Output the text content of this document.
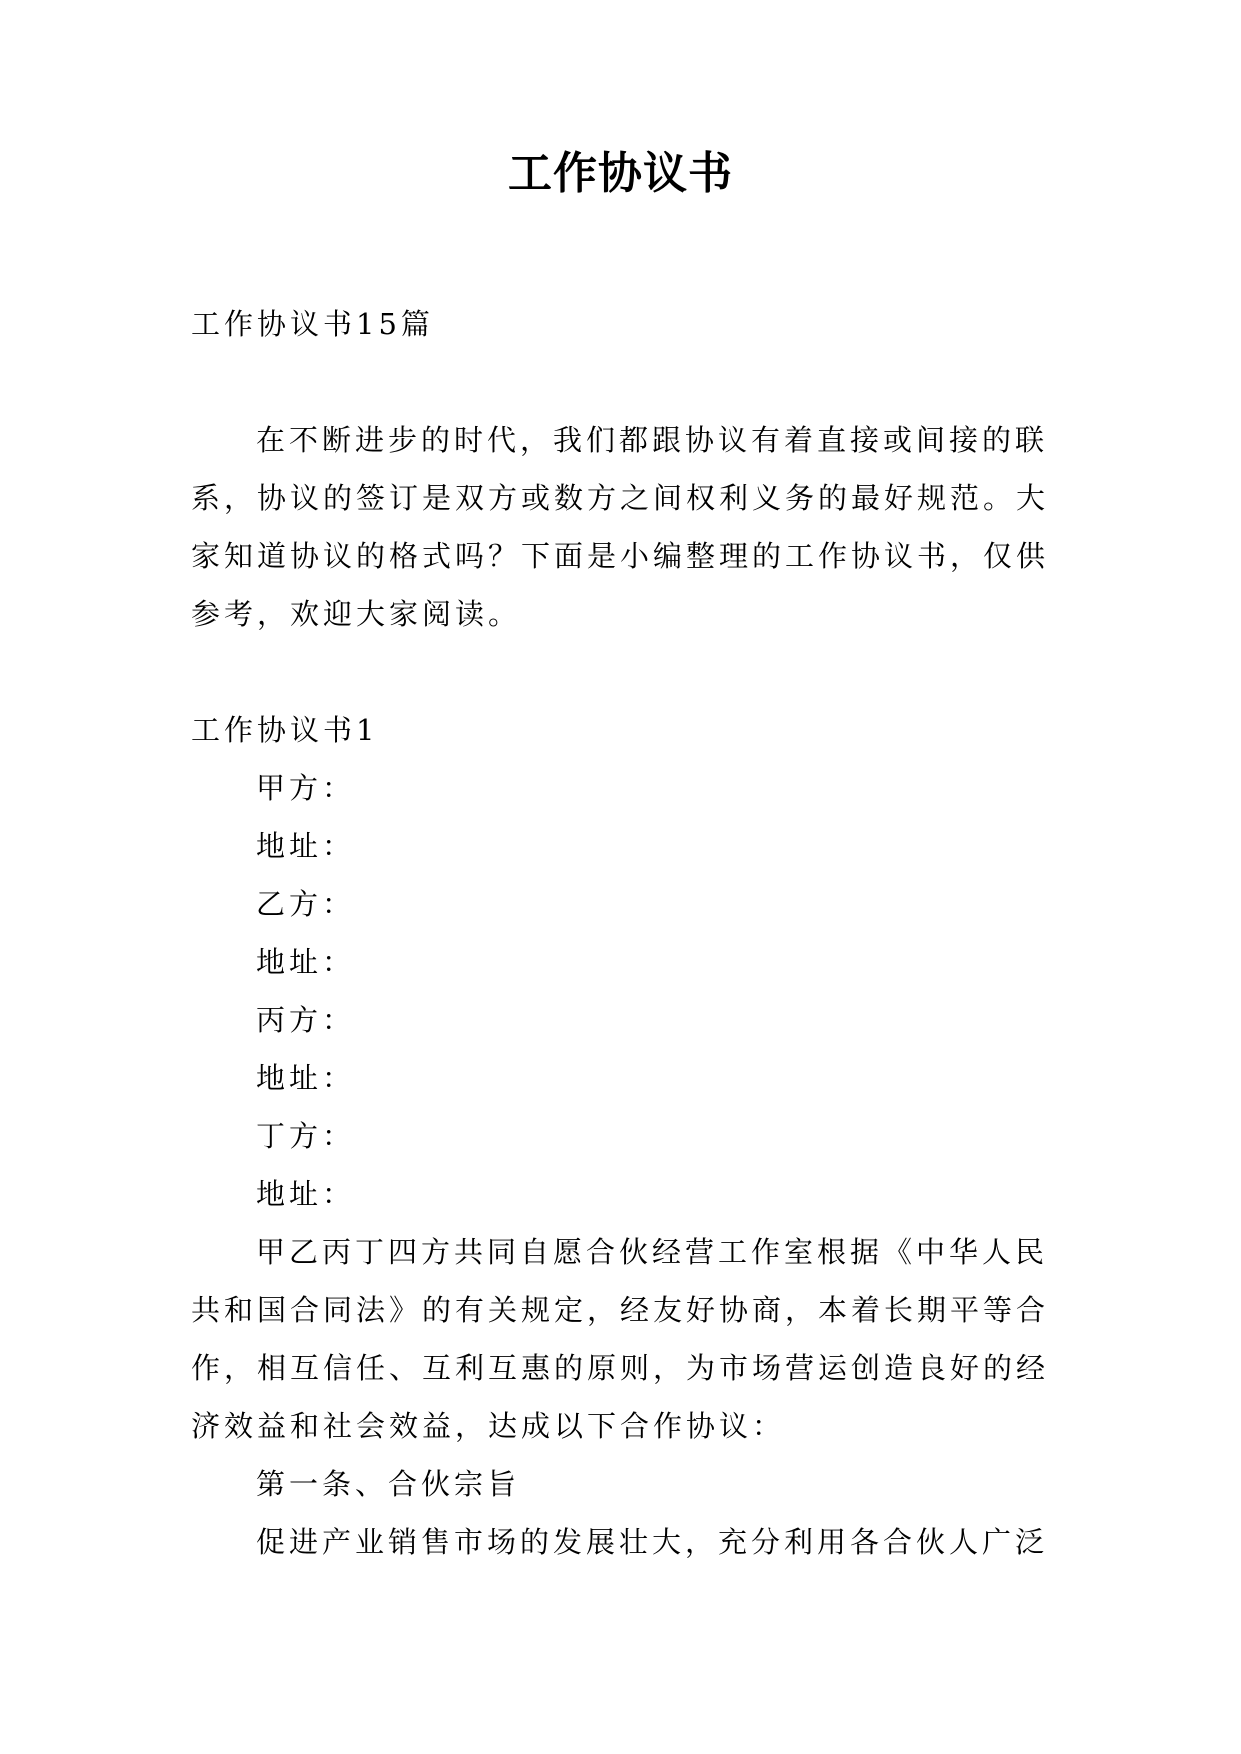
工作协议书

工作协议书15篇

在不断进步的时代，我们都跟协议有着直接或间接的联

系，协议的签订是双方或数方之间权利义务的最好规范。大

家知道协议的格式吗？下面是小编整理的工作协议书，仅供

参考，欢迎大家阅读。

工作协议书1

甲方：

地址：

乙方：

地址：

丙方：

地址：

丁方：

地址：

甲乙丙丁四方共同自愿合伙经营工作室根据《中华人民

共和国合同法》的有关规定，经友好协商，本着长期平等合

作，相互信任、互利互惠的原则，为市场营运创造良好的经

济效益和社会效益，达成以下合作协议：

第一条、合伙宗旨

促进产业销售市场的发展壮大，充分利用各合伙人广泛
